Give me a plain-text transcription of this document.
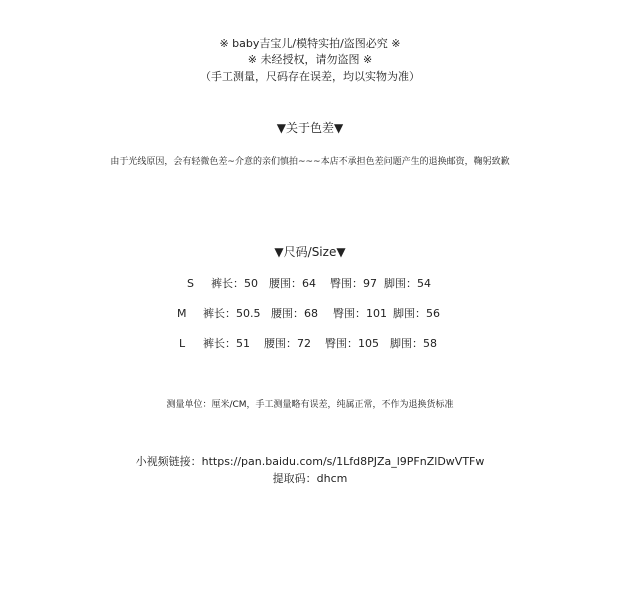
※ baby吉宝儿/模特实拍/盗图必究 ※
※ 未经授权，请勿盗图 ※
（手工测量，尺码存在误差，均以实物为准）
▼关于色差▼
由于光线原因，会有轻微色差~介意的亲们慎拍~~~本店不承担色差问题产生的退换邮资，鞠躬致歉
▼尺码/Size▼
S 裤长：50 腰围：64 臀围：97 脚围：54
M 裤长：50.5 腰围：68 臀围：101 脚围：56
L 裤长：51 腰围：72 臀围：105 脚围：58
测量单位：厘米/CM，手工测量略有误差，纯属正常，不作为退换货标准
小视频链接：https://pan.baidu.com/s/1Lfd8PJZa_l9PFnZlDwVTFw
提取码：dhcm
